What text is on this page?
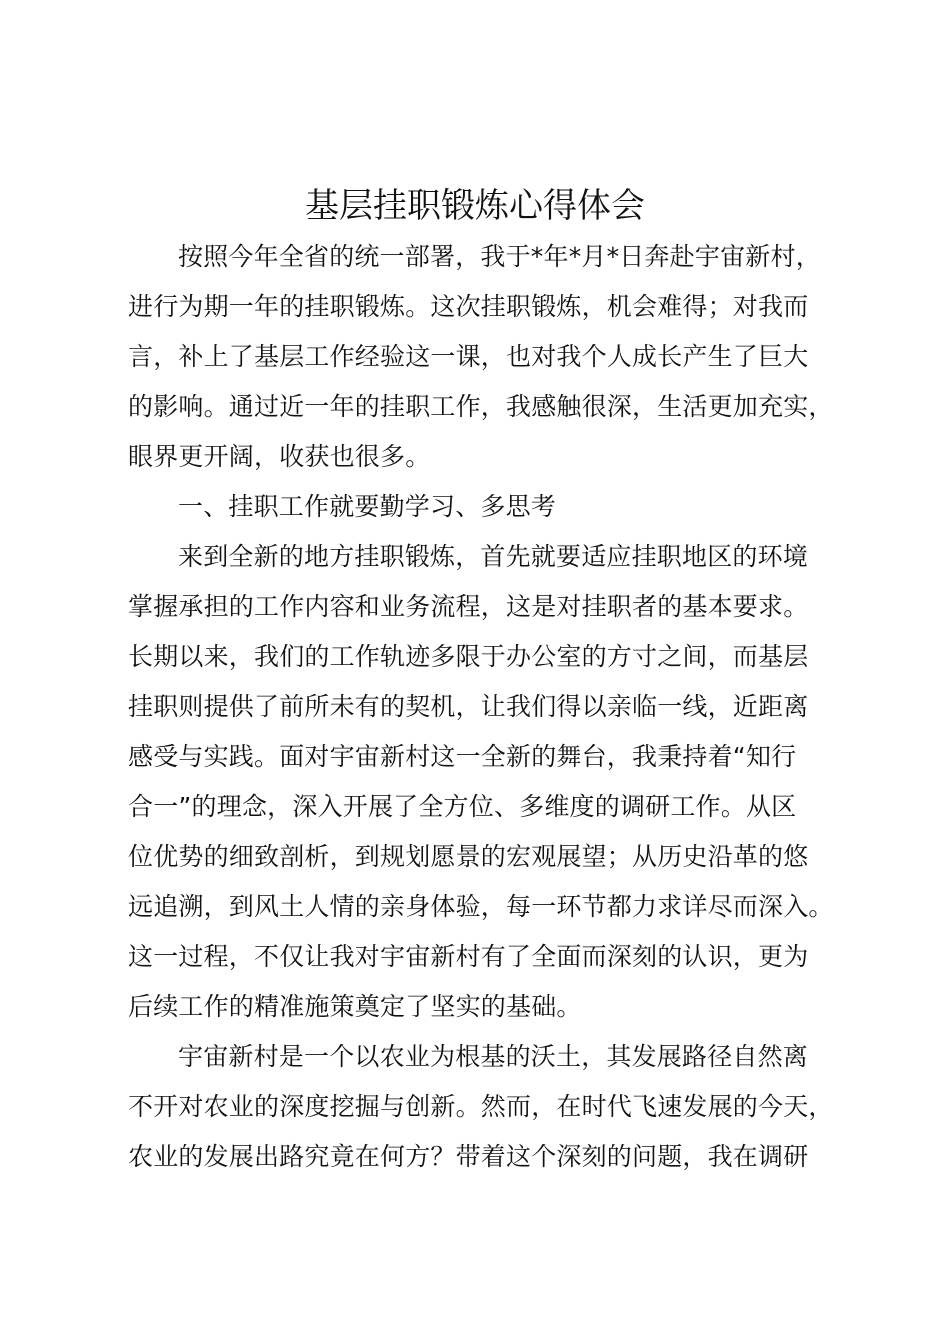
基层挂职锻炼心得体会
按照今年全省的统一部署，我于*年*月*日奔赴宇宙新村，
进行为期一年的挂职锻炼。这次挂职锻炼，机会难得；对我而
言，补上了基层工作经验这一课，也对我个人成长产生了巨大
的影响。通过近一年的挂职工作，我感触很深，生活更加充实，
眼界更开阔，收获也很多。
一、挂职工作就要勤学习、多思考
来到全新的地方挂职锻炼，首先就要适应挂职地区的环境
掌握承担的工作内容和业务流程，这是对挂职者的基本要求。
长期以来，我们的工作轨迹多限于办公室的方寸之间，而基层
挂职则提供了前所未有的契机，让我们得以亲临一线，近距离
感受与实践。面对宇宙新村这一全新的舞台，我秉持着“知行
合一”的理念，深入开展了全方位、多维度的调研工作。从区
位优势的细致剖析，到规划愿景的宏观展望；从历史沿革的悠
远追溯，到风土人情的亲身体验，每一环节都力求详尽而深入。
这一过程，不仅让我对宇宙新村有了全面而深刻的认识，更为
后续工作的精准施策奠定了坚实的基础。
宇宙新村是一个以农业为根基的沃土，其发展路径自然离
不开对农业的深度挖掘与创新。然而，在时代飞速发展的今天，
农业的发展出路究竟在何方？带着这个深刻的问题，我在调研
